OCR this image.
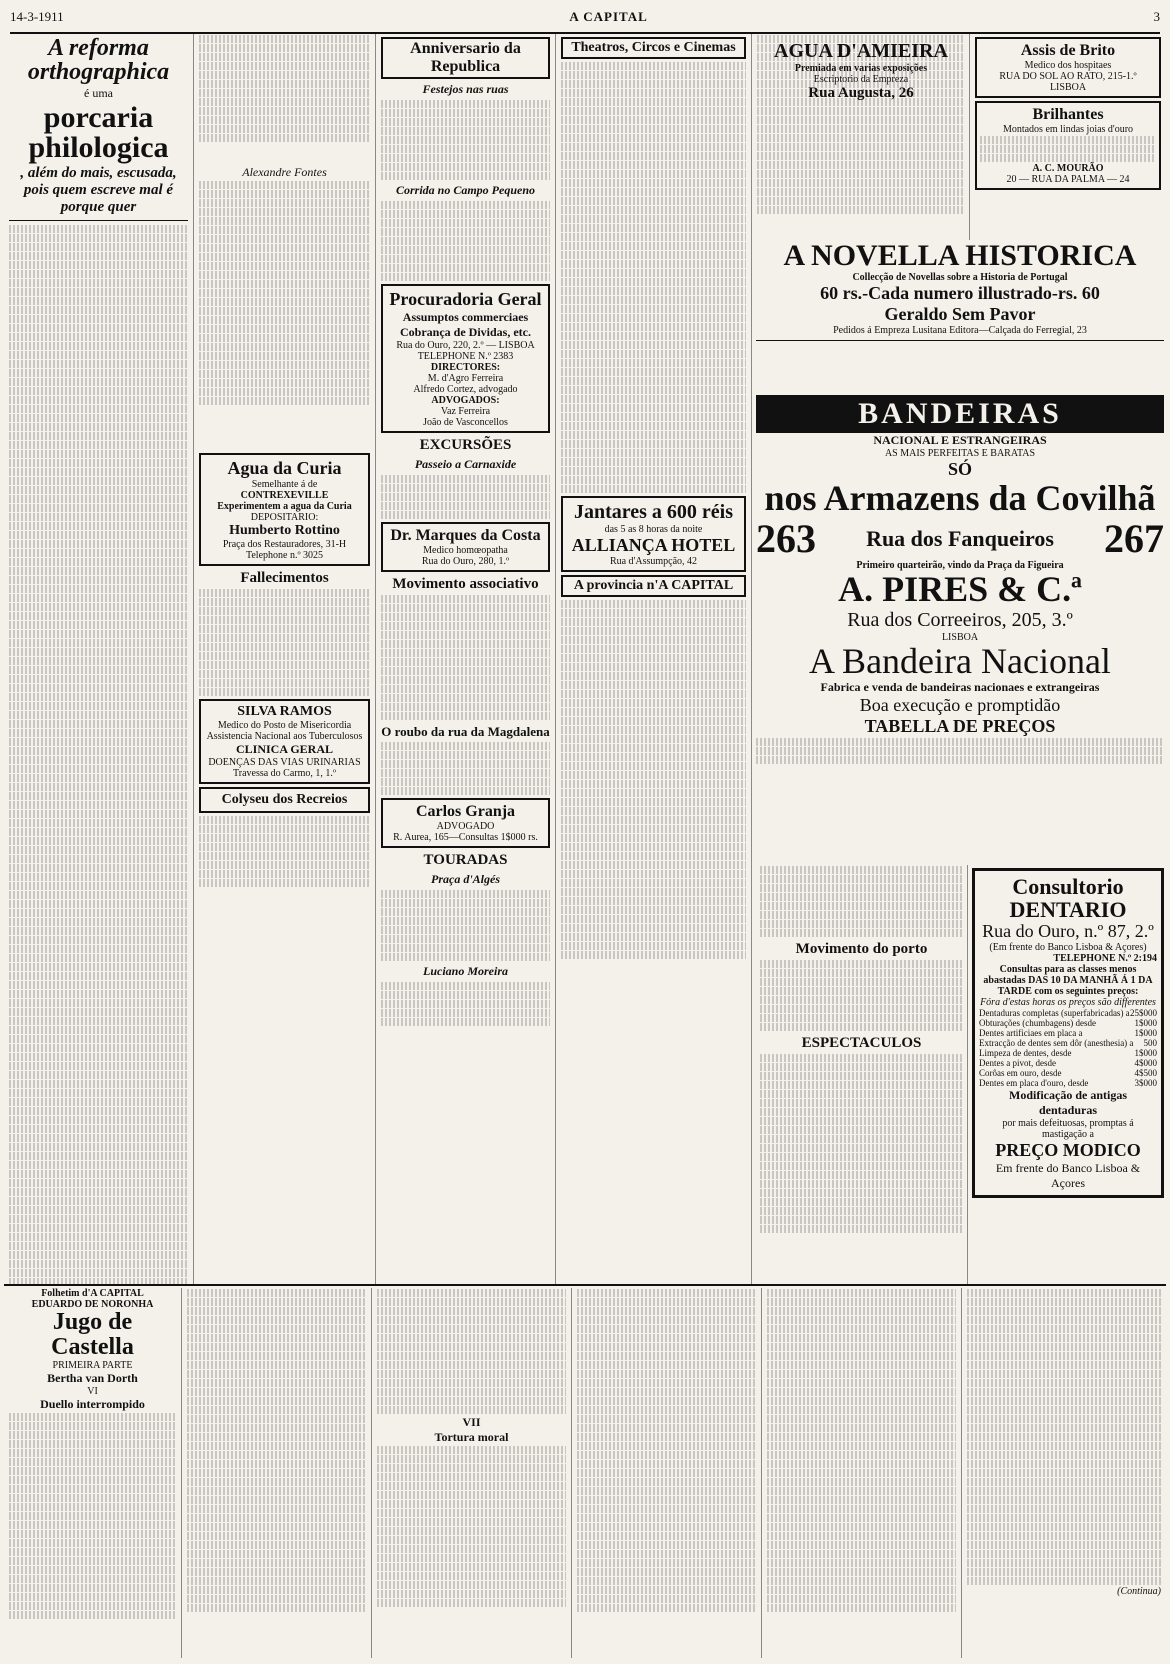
14-3-1911	A CAPITAL	3
A reforma orthographica
é uma
porcaria philologica
, além do mais, escusada, pois quem escreve mal é porque quer
Alexandre Fontes
Agua da Curia
Semelhante á de
CONTREXEVILLE
Experimentem a agua da Curia
DEPOSITARIO:
Humberto Rottino
Praça dos Restauradores, 31-H
Telephone n.º 3025
Fallecimentos
SILVA RAMOS
Medico do Posto de Misericordia
Assistencia Nacional aos Tuberculosos
CLINICA GERAL
DOENÇAS DAS VIAS URINARIAS
Travessa do Carmo, 1, 1.º
Colyseu dos Recreios
Anniversario da Republica
Festejos nas ruas
Corrida no Campo Pequeno
Procuradoria Geral
Assumptos commerciaes
Cobrança de Dividas, etc.
Rua do Ouro, 220, 2.º — LISBOA
TELEPHONE N.º 2383
DIRECTORES:
M. d'Agro Ferreira
Alfredo Cortez, advogado
ADVOGADOS:
Vaz Ferreira
João de Vasconcellos
EXCURSÕES
Passeio a Carnaxide
Dr. Marques da Costa
Medico homœopatha
Rua do Ouro, 280, 1.º
Movimento associativo
O roubo da rua da Magdalena
Carlos Granja
ADVOGADO
R. Aurea, 165—Consultas 1$000 rs.
TOURADAS
Praça d'Algés
Luciano Moreira
Theatros, Circos e Cinemas
Jantares a 600 réis
das 5 as 8 horas da noite
ALLIANÇA HOTEL
Rua d'Assumpção, 42
A provincia n'A CAPITAL
Assis de Brito
Medico dos hospitaes
RUA DO SOL AO RATO, 215-1.º
LISBOA
Brilhantes
Montados em lindas joias d'ouro
A. C. MOURÃO
20 — RUA DA PALMA — 24
AGUA D'AMIEIRA
Premiada em varias exposições
Escriptorio da Empreza
Rua Augusta, 26
A NOVELLA HISTORICA
Collecção de Novellas sobre a Historia de Portugal
60 rs.-Cada numero illustrado-rs. 60
Geraldo Sem Pavor
Pedidos á Empreza Lusitana Editora—Calçada do Ferregial, 23
BANDEIRAS
NACIONAL E ESTRANGEIRAS
AS MAIS PERFEITAS E BARATAS
SÓ
nos Armazens da Covilhã
263 Rua dos Fanqueiros 267
Primeiro quarteirão, vindo da Praça da Figueira
A. PIRES & C.ª
Rua dos Correeiros, 205, 3.º
LISBOA
A Bandeira Nacional
Fabrica e venda de bandeiras nacionaes e extrangeiras
Boa execução e promptidão
TABELLA DE PREÇOS
Movimento do porto
ESPECTACULOS
Consultorio DENTARIO
Rua do Ouro, n.º 87, 2.º
(Em frente do Banco Lisboa & Açores)
TELEPHONE N.º 2:194
Consultas para as classes menos abastadas DAS 10 DA MANHÃ Á 1 DA TARDE com os seguintes preços:
Fóra d'estas horas os preços são differentes
Dentaduras completas (superfabricadas) a 25$000
Obturações (chumbagens) desde	1$000
Dentes artificiaes em placa a	1$000
Extracção de dentes sem dôr (anesthesia) a 500
Limpeza de dentes, desde	1$000
Dentes a pivot, desde	4$000
Corôas em ouro, desde	4$500
Dentes em placa d'ouro, desde	3$000
Modificação de antigas dentaduras
por mais defeituosas, promptas á mastigação a
PREÇO MODICO
Em frente do Banco Lisboa & Açores
Folhetim d'A CAPITAL
EDUARDO DE NORONHA
Jugo de Castella
PRIMEIRA PARTE
Bertha van Dorth
VI
Duello interrompido
VII
Tortura moral
(Continua)
